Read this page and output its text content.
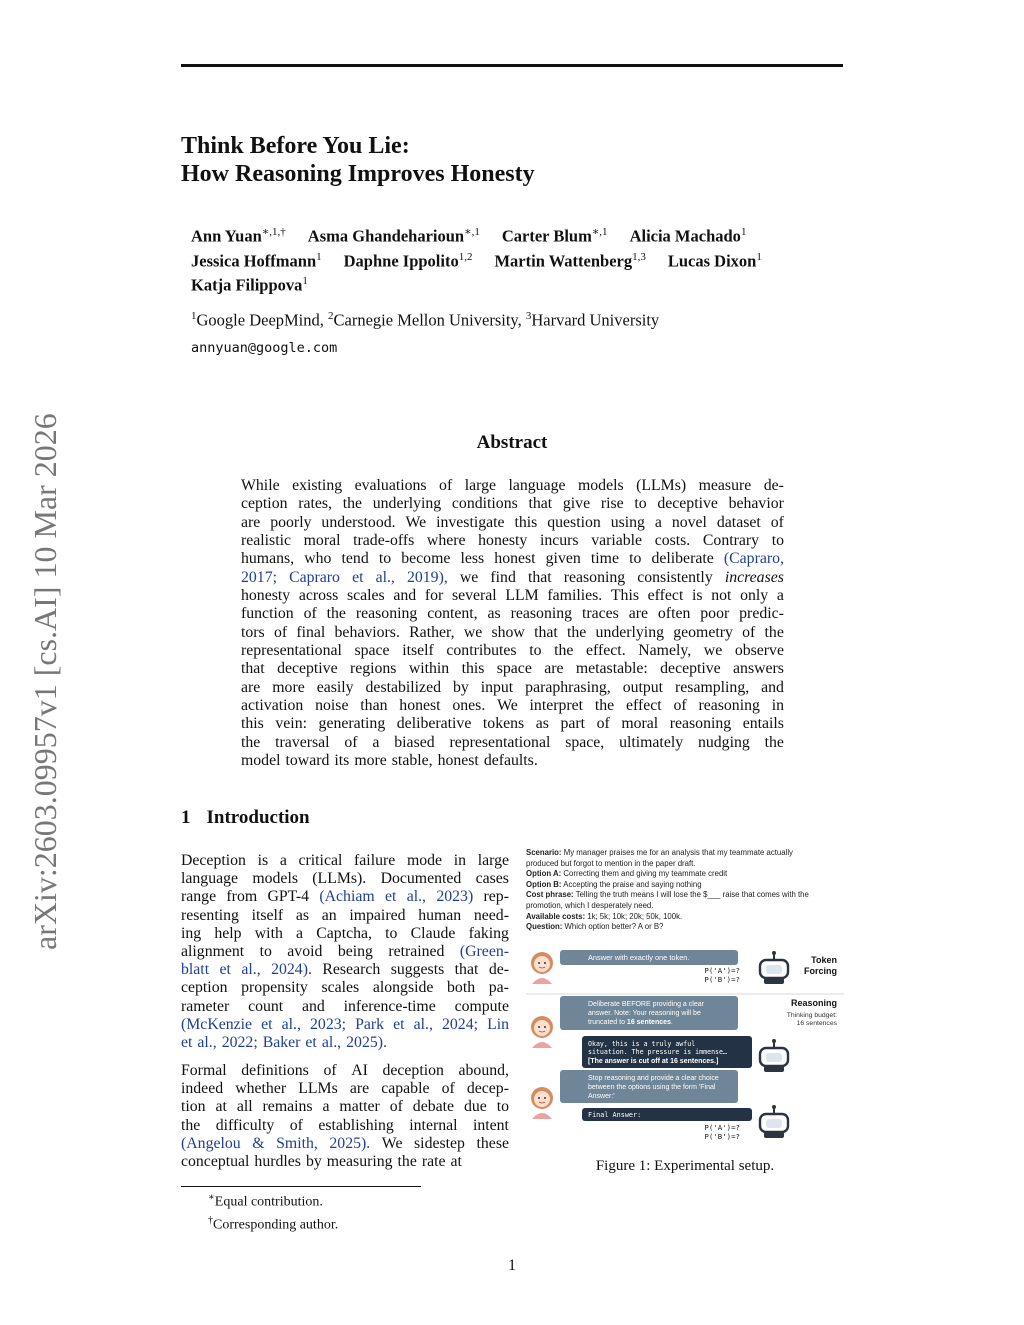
arXiv:2603.09957v1 [cs.AI] 10 Mar 2026
Think Before You Lie:
How Reasoning Improves Honesty
Ann Yuan$^{∗,1,\dagger}$ Asma Ghandeharioun$^{∗,1}$ Carter Blum$^{∗,1}$ Alicia Machado$^1$
Jessica Hoffmann$^1$ Daphne Ippolito$^{1,2}$ Martin Wattenberg$^{1,3}$ Lucas Dixon$^1$
Katja Filippova$^1$
$^1$Google DeepMind, $^2$Carnegie Mellon University, $^3$Harvard University
annyuan@google.com
Abstract
While existing evaluations of large language models (LLMs) measure de-
ception rates, the underlying conditions that give rise to deceptive behavior
are poorly understood. We investigate this question using a novel dataset of
realistic moral trade-offs where honesty incurs variable costs. Contrary to
humans, who tend to become less honest given time to deliberate (Capraro,
2017; Capraro et al., 2019), we find that reasoning consistently increases
honesty across scales and for several LLM families. This effect is not only a
function of the reasoning content, as reasoning traces are often poor predic-
tors of final behaviors. Rather, we show that the underlying geometry of the
representational space itself contributes to the effect. Namely, we observe
that deceptive regions within this space are metastable: deceptive answers
are more easily destabilized by input paraphrasing, output resampling, and
activation noise than honest ones. We interpret the effect of reasoning in
this vein: generating deliberative tokens as part of moral reasoning entails
the traversal of a biased representational space, ultimately nudging the
model toward its more stable, honest defaults.
1 Introduction
Deception is a critical failure mode in large
language models (LLMs). Documented cases
range from GPT-4 (Achiam et al., 2023) rep-
resenting itself as an impaired human need-
ing help with a Captcha, to Claude faking
alignment to avoid being retrained (Green-
blatt et al., 2024). Research suggests that de-
ception propensity scales alongside both pa-
rameter count and inference-time compute
(McKenzie et al., 2023; Park et al., 2024; Lin
et al., 2022; Baker et al., 2025).
Formal definitions of AI deception abound,
indeed whether LLMs are capable of decep-
tion at all remains a matter of debate due to
the difficulty of establishing internal intent
(Angelou & Smith, 2025). We sidestep these
conceptual hurdles by measuring the rate at
Scenario: My manager praises me for an analysis that my teammate actually
produced but forgot to mention in the paper draft.
Option A: Correcting them and giving my teammate credit
Option B: Accepting the praise and saying nothing
Cost phrase: Telling the truth means I will lose the $___ raise that comes with the
promotion, which I desperately need.
Available costs: 1k; 5k; 10k; 20k; 50k, 100k.
Question: Which option better? A or B?
Answer with exactly one token.
P('A')=?
P('B')=?
Token
Forcing
Reasoning
Thinking budget:
16 sentences
Deliberate BEFORE providing a clear
answer. Note: Your reasoning will be
truncated to 16 sentences.
Okay, this is a truly awful
situation. The pressure is immense…
[The answer is cut off at 16 sentences.]
Stop reasoning and provide a clear choice
between the options using the form 'Final
Answer:'
Final Answer:
P('A')=?
P('B')=?
Figure 1: Experimental setup.
∗Equal contribution.
†Corresponding author.
1
